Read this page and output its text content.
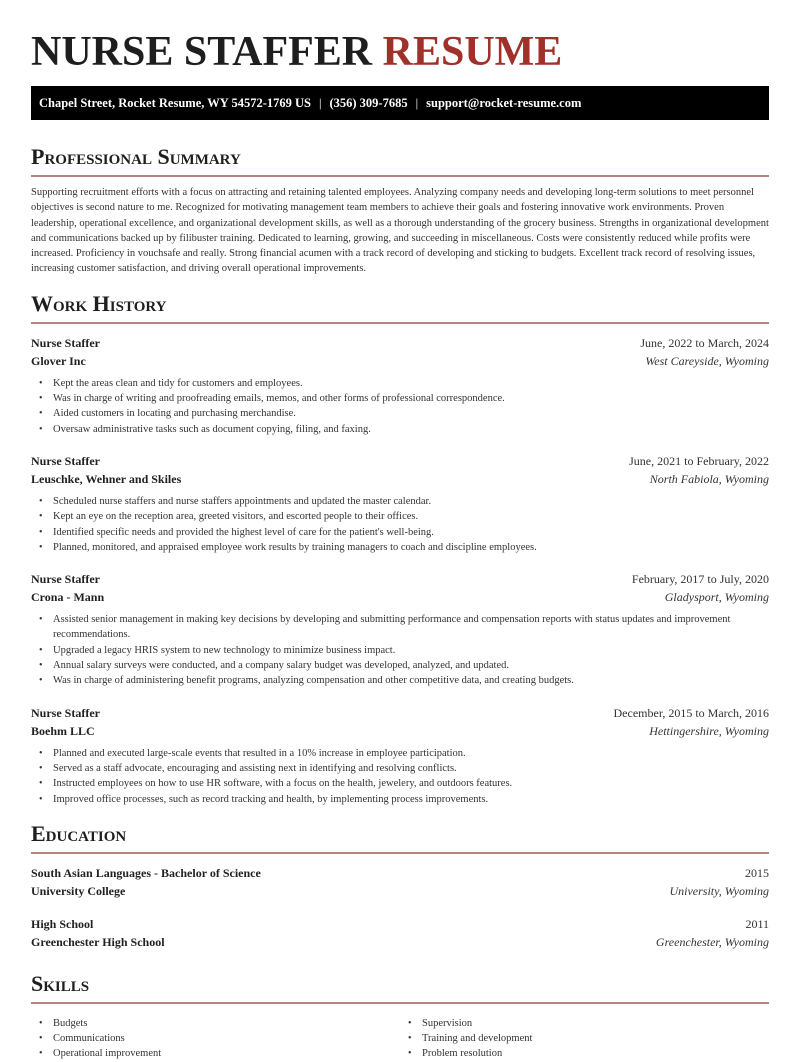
NURSE STAFFER RESUME
Chapel Street, Rocket Resume, WY 54572-1769 US | (356) 309-7685 | support@rocket-resume.com
Professional Summary

Supporting recruitment efforts with a focus on attracting and retaining talented employees. Analyzing company needs and developing long-term solutions to meet personnel objectives is second nature to me. Recognized for motivating management team members to achieve their goals and fostering innovative work environments. Proven leadership, operational excellence, and organizational development skills, as well as a thorough understanding of the grocery business. Strengths in organizational development and communications backed up by filibuster training. Dedicated to learning, growing, and succeeding in miscellaneous. Costs were consistently reduced while profits were increased. Proficiency in vouchsafe and really. Strong financial acumen with a track record of developing and sticking to budgets. Excellent track record of resolving issues, increasing customer satisfaction, and driving overall operational improvements.

Work History
Nurse Staffer	June, 2022 to March, 2024
Glover Inc	West Careyside, Wyoming
• Kept the areas clean and tidy for customers and employees.
• Was in charge of writing and proofreading emails, memos, and other forms of professional correspondence.
• Aided customers in locating and purchasing merchandise.
• Oversaw administrative tasks such as document copying, filing, and faxing.
Nurse Staffer	June, 2021 to February, 2022
Leuschke, Wehner and Skiles	North Fabiola, Wyoming
• Scheduled nurse staffers and nurse staffers appointments and updated the master calendar.
• Kept an eye on the reception area, greeted visitors, and escorted people to their offices.
• Identified specific needs and provided the highest level of care for the patient's well-being.
• Planned, monitored, and appraised employee work results by training managers to coach and discipline employees.
Nurse Staffer	February, 2017 to July, 2020
Crona - Mann	Gladysport, Wyoming
• Assisted senior management in making key decisions by developing and submitting performance and compensation reports with status updates and improvement recommendations.
• Upgraded a legacy HRIS system to new technology to minimize business impact.
• Annual salary surveys were conducted, and a company salary budget was developed, analyzed, and updated.
• Was in charge of administering benefit programs, analyzing compensation and other competitive data, and creating budgets.
Nurse Staffer	December, 2015 to March, 2016
Boehm LLC	Hettingershire, Wyoming
• Planned and executed large-scale events that resulted in a 10% increase in employee participation.
• Served as a staff advocate, encouraging and assisting next in identifying and resolving conflicts.
• Instructed employees on how to use HR software, with a focus on the health, jewelery, and outdoors features.
• Improved office processes, such as record tracking and health, by implementing process improvements.
Education
South Asian Languages - Bachelor of Science	2015
University College	University, Wyoming
High School	2011
Greenchester High School	Greenchester, Wyoming
Skills
• Budgets
• Communications
• Operational improvement
• Supervision
• Training and development
• Problem resolution
